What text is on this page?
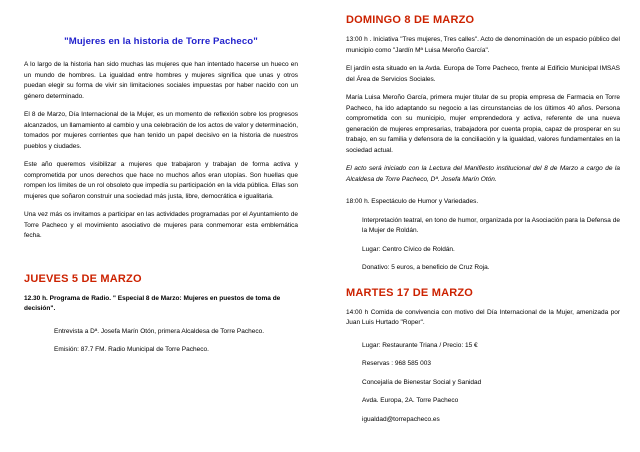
"Mujeres en la historia de Torre Pacheco"

A lo largo de la historia han sido muchas las mujeres que han intentado hacerse un hueco en un mundo de hombres. La igualdad entre hombres y mujeres significa que unas y otros puedan elegir su forma de vivir sin limitaciones sociales impuestas por haber nacido con un género determinado.

El 8 de Marzo, Día Internacional de la Mujer, es un momento de reflexión sobre los progresos alcanzados, un llamamiento al cambio y una celebración de los actos de valor y determinación, tomados por mujeres corrientes que han tenido un papel decisivo en la historia de nuestros pueblos y ciudades.

Este año queremos visibilizar a mujeres que trabajaron y trabajan de forma activa y comprometida por unos derechos que hace no muchos años eran utopías. Son huellas que rompen los límites de un rol obsoleto que impedía su participación en la vida pública. Ellas son mujeres que soñaron construir una sociedad más justa, libre, democrática e igualitaria.

Una vez más os invitamos a participar en las actividades programadas por el Ayuntamiento de Torre Pacheco y el movimiento asociativo de mujeres para conmemorar esta emblemática fecha.

JUEVES 5 DE MARZO

12.30 h. Programa de Radio. " Especial 8 de Marzo: Mujeres en puestos de toma de decisión".

Entrevista a Dª. Josefa Marín Otón, primera Alcaldesa de Torre Pacheco.

Emisión: 87.7 FM. Radio Municipal de Torre Pacheco.

DOMINGO 8 DE MARZO

13:00 h . Iniciativa "Tres mujeres, Tres calles". Acto de denominación de un espacio público del municipio como "Jardín Mª Luisa Meroño García".

El jardín esta situado en la Avda. Europa de Torre Pacheco, frente al Edificio Municipal IMSAS del Área de Servicios Sociales.

María Luisa Meroño García, primera mujer titular de su propia empresa de Farmacia en Torre Pacheco, ha ido adaptando su negocio a las circunstancias de los últimos 40 años. Persona comprometida con su municipio, mujer emprendedora y activa, referente de una nueva generación de mujeres empresarias, trabajadora por cuenta propia, capaz de prosperar en su trabajo, en su familia y defensora de la conciliación y la igualdad, valores fundamentales en la sociedad actual.

El acto será iniciado con la Lectura del Manifiesto institucional del 8 de Marzo a cargo de la Alcaldesa de Torre Pacheco, Dª. Josefa Marín Otón.

18:00 h. Espectáculo de Humor y Variedades.

Interpretación teatral, en tono de humor, organizada por la Asociación para la Defensa de la Mujer de Roldán.

Lugar: Centro Cívico de Roldán.

Donativo: 5 euros, a beneficio de Cruz Roja.

MARTES 17 DE MARZO

14:00 h Comida de convivencia con motivo del Día Internacional de la Mujer, amenizada por Juan Luis Hurtado "Roper".

Lugar: Restaurante Triana / Precio: 15 €

Reservas : 968 585 003

Concejalía de Bienestar Social y Sanidad

Avda. Europa, 2A. Torre Pacheco

igualdad@torrepacheco.es
